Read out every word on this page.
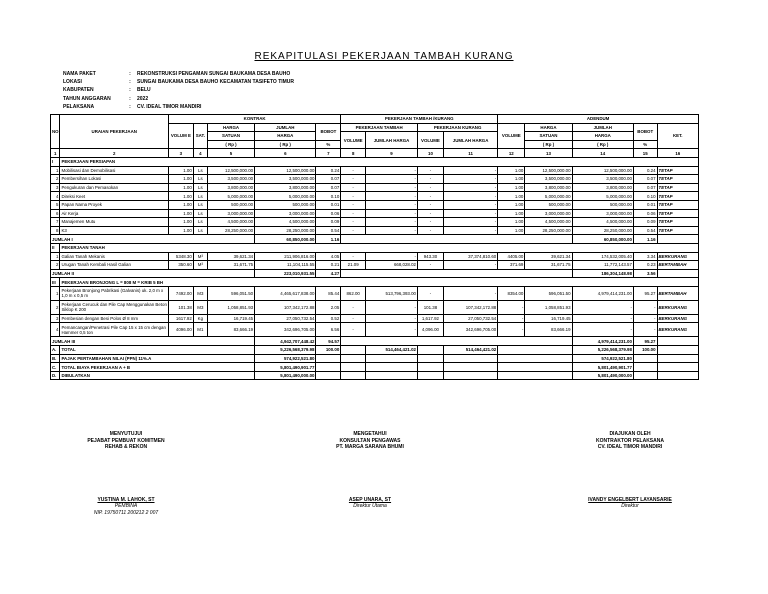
REKAPITULASI PEKERJAAN TAMBAH KURANG
NAMA PAKET	:	REKONSTRUKSI PENGAMAN SUNGAI BAUKAMA DESA BAUHO
LOKASI	:	SUNGAI BAUKAMA DESA BAUHO KECAMATAN TASIFETO TIMUR
KABUPATEN	:	BELU
TAHUN ANGGARAN	:	2022
PELAKSANA	:	CV. IDEAL TIMOR MANDIRI
NO	URAIAN PEKERJAAN	KONTRAK					PEKERJAAN TAMBAH /KURANG				ADENDUM				
		VOLUM E	SAT.	HARGA	JUMLAH	BOBOT	PEKERJAAN TAMBAH		PEKERJAAN KURANG		VOLUME	HARGA	JUMLAH	BOBOT	KET.
				SATUAN	HARGA		VOLUME	JUMLAH HARGA	VOLUME	JUMLAH HARGA		SATUAN	HARGA		
				( Rp )	( Rp )	%						( Rp )	( Rp )	%	
1	2	3	4	5	6	7	8	9	10	11	12	13	14	15	16
I	PEKERJAAN PERSIAPAN														
1	Mobilisasi dan Demobilisasi	1.00	Ls	12,500,000.00	12,500,000.00	0.24	-	-	-	-	1.00	12,500,000.00	12,500,000.00	0.24	TETAP
2	Pembersihan Lokasi	1.00	Ls	3,500,000.00	3,500,000.00	0.07	-	-	-	-	1.00	3,500,000.00	3,500,000.00	0.07	TETAP
3	Pengukuran dan Pemasokan	1.00	Ls	3,800,000.00	3,800,000.00	0.07	-	-	-	-	1.00	3,800,000.00	3,800,000.00	0.07	TETAP
4	Direksi Keet	1.00	Ls	5,000,000.00	5,000,000.00	0.10	-	-	-	-	1.00	5,000,000.00	5,000,000.00	0.10	TETAP
5	Papan Nama Proyek	1.00	Ls	500,000.00	500,000.00	0.01	-	-	-	-	1.00	500,000.00	500,000.00	0.01	TETAP
6	Air Kerja	1.00	Ls	3,000,000.00	3,000,000.00	0.06	-	-	-	-	1.00	3,000,000.00	3,000,000.00	0.06	TETAP
7	Manajemen Mutu	1.00	Ls	4,500,000.00	4,500,000.00	0.09	-	-	-	-	1.00	4,500,000.00	4,500,000.00	0.09	TETAP
8	K3	1.00	Ls	28,250,000.00	28,250,000.00	0.54	-	-	-	-	1.00	28,250,000.00	28,250,000.00	0.54	TETAP
JUMLAH I					60,850,000.00	1.16							60,850,000.00	1.16	
II	PEKERJAAN TANAH														
1	Galian Tanah Mekanis	5348.30	M³	39,621.34	211,906,816.00	4.05	-	-	943.30	37,374,810.60	4405.00	39,621.34	174,532,005.40	3.34	BERKURANG
2	Urugan Tanah Kembali Hasil Galian	350.60	M³	31,671.75	11,104,115.55	0.21	21.09	668,028.02	-	-	371.69	31,671.75	11,772,143.57	0.23	BERTAMBAH
JUMLAH II					223,010,931.55	4.27							186,304,148.98	3.56	
III	PEKERJAAN BRONJONG L = 808 M = KRIB 5 BH														
1	Pekerjaan Bronjong Pabrikasi (Galvanis) uk. 2,0 m x 1,0 m x 0,5 m	7492.00	M3	596,051.50	4,465,617,838.00	85.44	862.00	513,796,393.00	-	-	8354.00	596,051.50	4,979,414,231.00	95.27	BERTAMBAH
2	Pekerjaan Cerucuk dan Pile Cap Menggunakan Beton Siklop K 200	101.38	M3	1,058,851.93	107,342,172.88	2.05	-	-	101.38	107,342,172.88	-	1,058,851.93	-	-	BERKURANG
3	Pembesian dengan Besi Polos Ø 8 mm	1617.92	Kg	16,719.45	27,050,732.54	0.52	-	-	1,617.92	27,050,732.54	-	16,719.45	-	-	BERKURANG
4	Pemancangan/Penetrasi Pile Cap 15 x 15 cm dengan Hammer 0,5 ton	4096.00	M1	83,666.19	342,696,705.00	6.56	-	-	4,096.00	342,696,705.00	-	83,666.19	-	-	BERKURANG
JUMLAH III					4,942,707,448.42	94.57							4,979,414,231.00	95.27	
A.	TOTAL				5,226,568,379.98	100.00		514,464,421.02		514,464,421.02			5,226,568,379.98	100.00	
B.	PAJAK PERTAMBAHAN NILAI (PPN) 11%.A				574,922,521.80								574,922,521.80		
C.	TOTAL BIAYA PEKERJAAN A + B				5,801,490,901.77								5,801,490,901.77		
D.	DIBULATKAN				5,801,490,000.00								5,801,490,000.00		
MENYUTUJUI
PEJABAT PEMBUAT KOMITMEN
REHAB & REKON
YUSTINA M. LAHOK, ST
PEMBINA
NIP. 19750711 200212 2 007
MENGETAHUI
KONSULTAN PENGAWAS
PT. MARGA SARANA BHUMI
ASEP UNARA, ST
Direktur Utama
DIAJUKAN OLEH
KONTRAKTOR PELAKSANA
CV. IDEAL TIMOR MANDIRI
IVANDY ENGELBERT LAYANSARIE
Direktur
